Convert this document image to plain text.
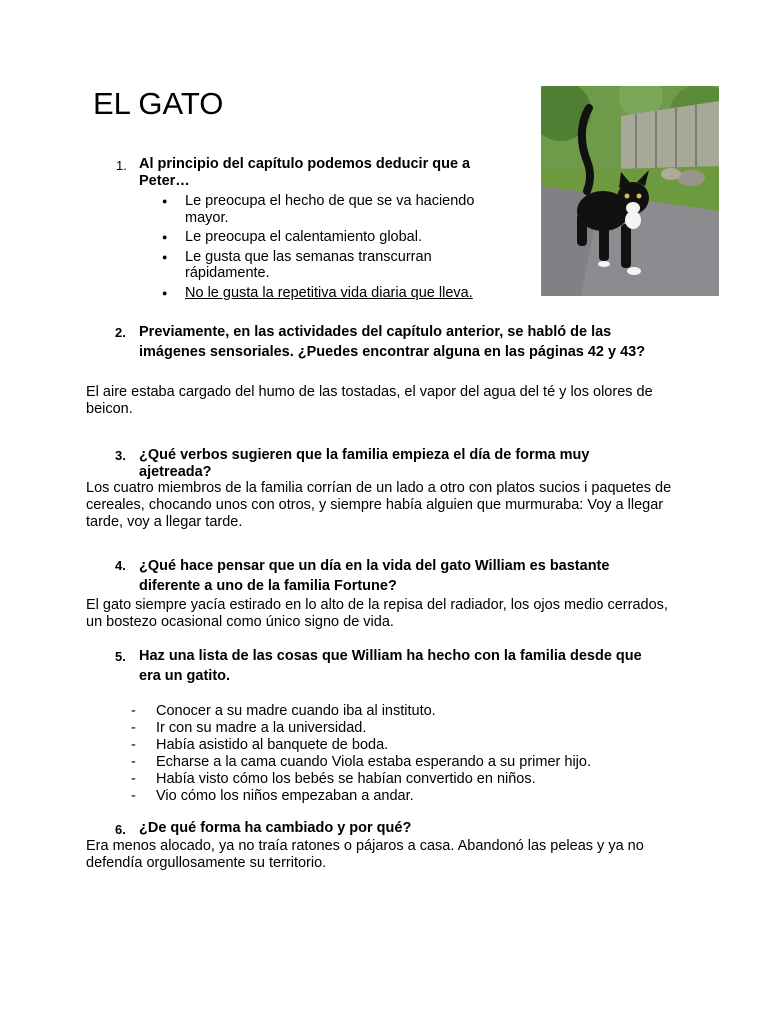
EL GATO
1. Al principio del capítulo podemos deducir que a Peter…
● Le preocupa el hecho de que se va haciendo mayor.
● Le preocupa el calentamiento global.
● Le gusta que las semanas transcurran rápidamente.
● No le gusta la repetitiva vida diaria que lleva.
2. Previamente, en las actividades del capítulo anterior, se habló de las imágenes sensoriales. ¿Puedes encontrar alguna en las páginas 42 y 43?
El aire estaba cargado del humo de las tostadas, el vapor del agua del té y los olores de beicon.
3. ¿Qué verbos sugieren que la familia empieza el día de forma muy ajetreada?
Los cuatro miembros de la familia corrían de un lado a otro con platos sucios i paquetes de cereales, chocando unos con otros, y siempre había alguien que murmuraba: Voy a llegar tarde, voy a llegar tarde.
4. ¿Qué hace pensar que un día en la vida del gato William es bastante diferente a uno de la familia Fortune?
El gato siempre yacía estirado en lo alto de la repisa del radiador, los ojos medio cerrados, un bostezo ocasional como único signo de vida.
5. Haz una lista de las cosas que William ha hecho con la familia desde que era un gatito.
- Conocer a su madre cuando iba al instituto.
- Ir con su madre a la universidad.
- Había asistido al banquete de boda.
- Echarse a la cama cuando Viola estaba esperando a su primer hijo.
- Había visto cómo los bebés se habían convertido en niños.
- Vio cómo los niños empezaban a andar.
6. ¿De qué forma ha cambiado y por qué?
Era menos alocado, ya no traía ratones o pájaros a casa. Abandonó las peleas y ya no defendía orgullosamente su territorio.
